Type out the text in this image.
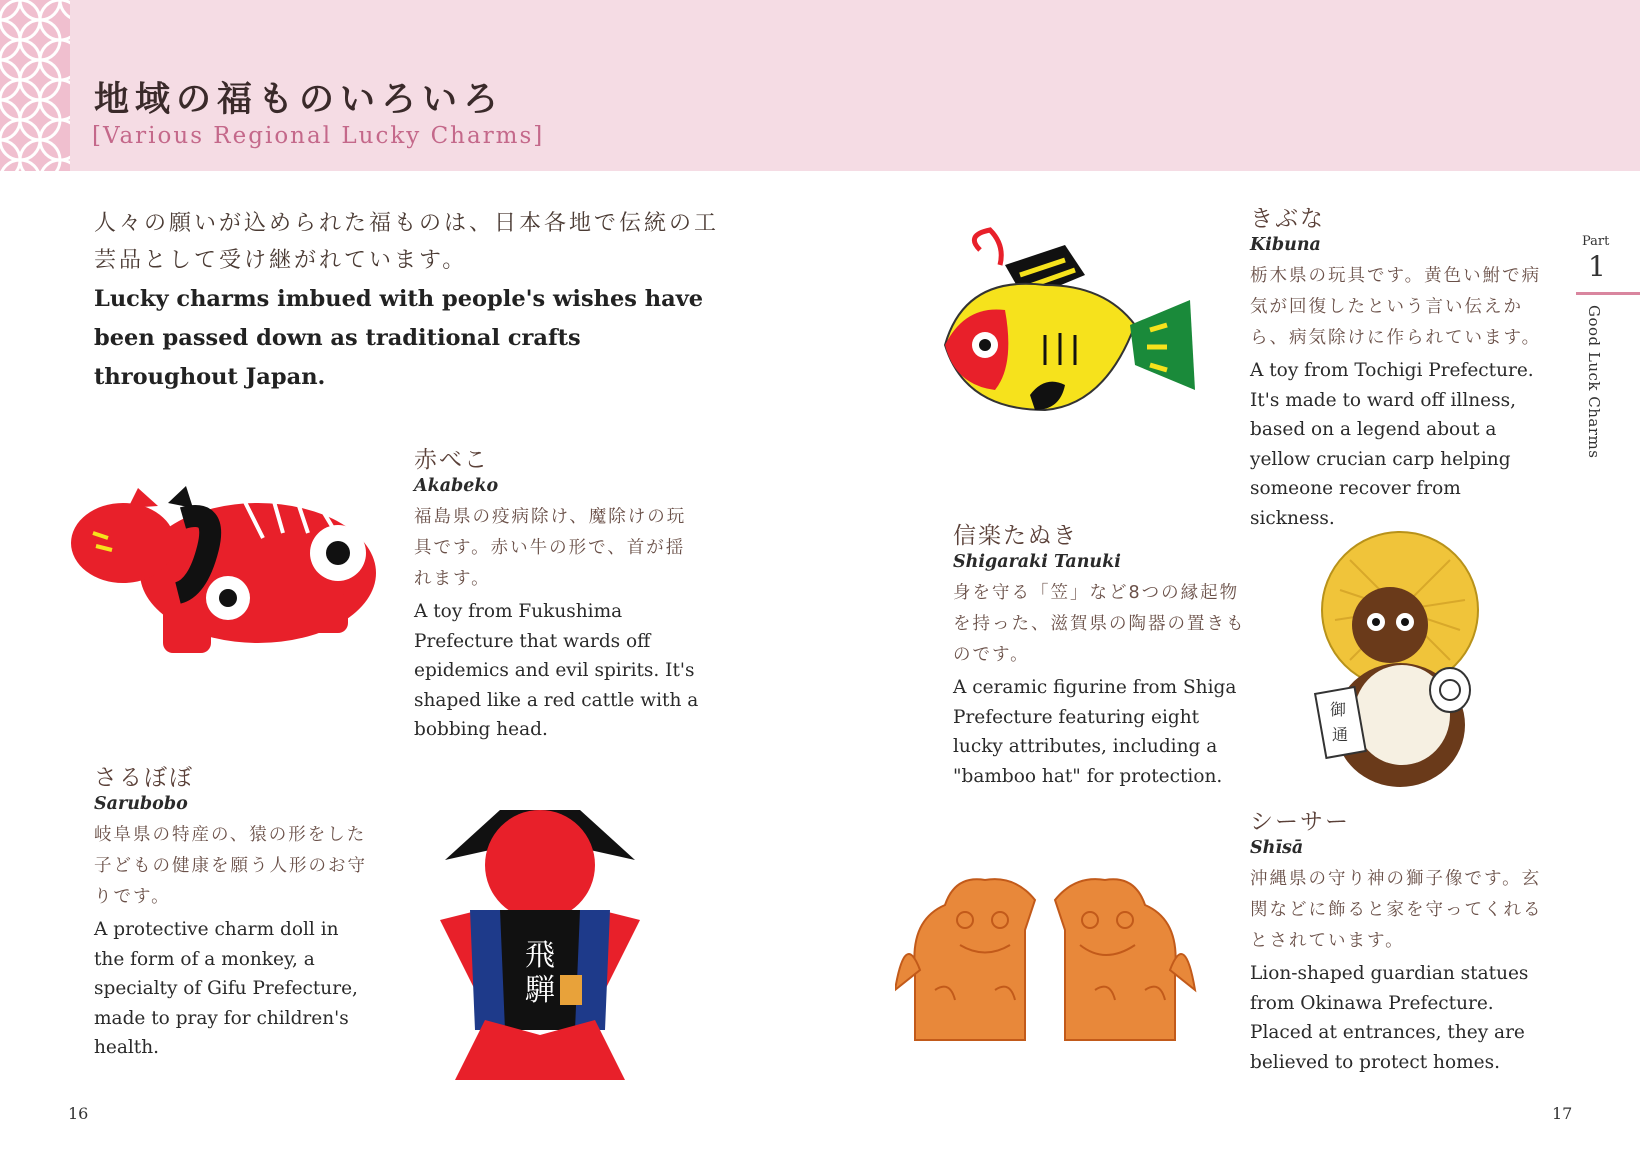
地域の福ものいろいろ
[Various Regional Lucky Charms]
人々の願いが込められた福ものは、日本各地で伝統の工芸品として受け継がれています。
Lucky charms imbued with people's wishes have been passed down as traditional crafts throughout Japan.
赤べこ
Akabeko
福島県の疫病除け、魔除けの玩具です。赤い牛の形で、首が揺れます。
A toy from Fukushima Prefecture that wards off epidemics and evil spirits. It's shaped like a red cattle with a bobbing head.
さるぼぼ
Sarubobo
岐阜県の特産の、猿の形をした子どもの健康を願う人形のお守りです。
A protective charm doll in the form of a monkey, a specialty of Gifu Prefecture, made to pray for children's health.
飛
騨
きぶな
Kibuna
栃木県の玩具です。黄色い鮒で病気が回復したという言い伝えから、病気除けに作られています。
A toy from Tochigi Prefecture. It's made to ward off illness, based on a legend about a yellow crucian carp helping someone recover from sickness.
信楽たぬき
Shigaraki Tanuki
身を守る「笠」など8つの縁起物を持った、滋賀県の陶器の置きものです。
A ceramic figurine from Shiga Prefecture featuring eight lucky attributes, including a "bamboo hat" for protection.
御
通
シーサー
Shīsā
沖縄県の守り神の獅子像です。玄関などに飾ると家を守ってくれるとされています。
Lion-shaped guardian statues from Okinawa Prefecture. Placed at entrances, they are believed to protect homes.
Part
1
Good Luck Charms
16	17
